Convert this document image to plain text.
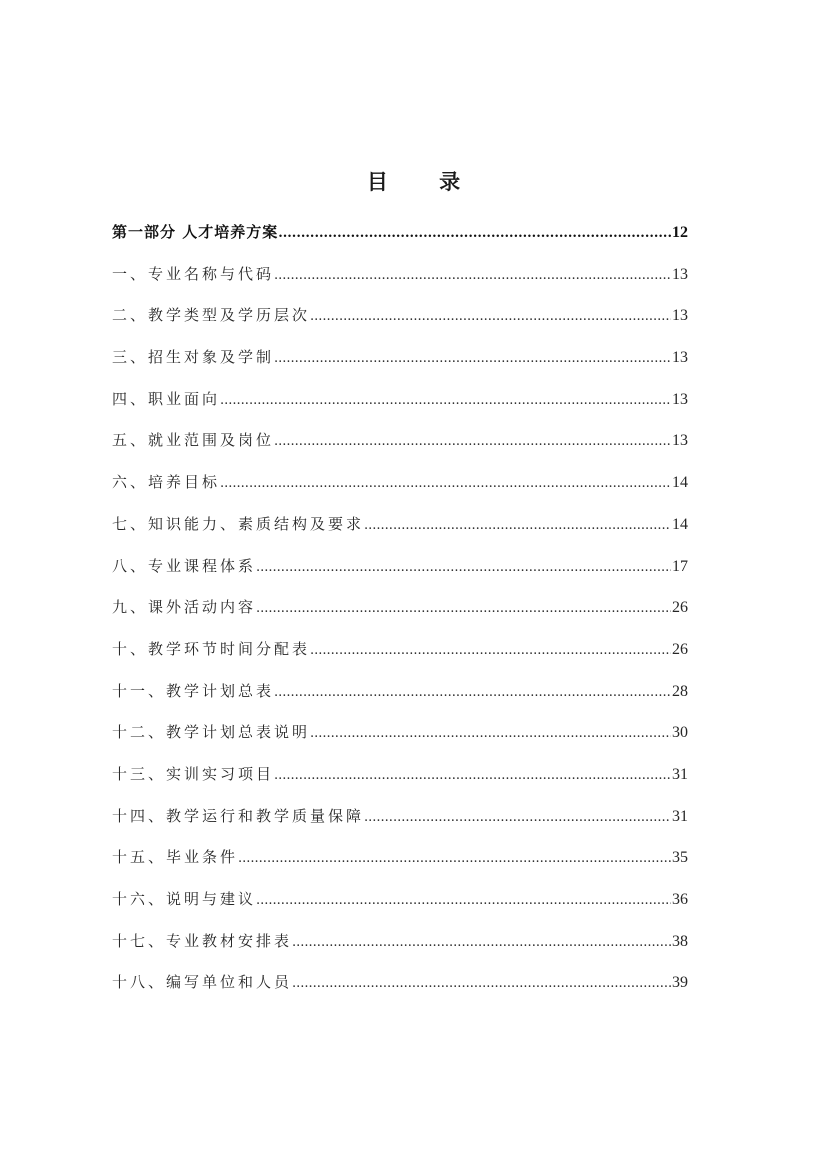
目 录
第一部分 人才培养方案 .....	12
一、专业名称与代码 .....	13
二、教学类型及学历层次 .....	13
三、招生对象及学制 .....	13
四、职业面向 .....	13
五、就业范围及岗位 .....	13
六、培养目标 .....	14
七、知识能力、素质结构及要求 .....	14
八、专业课程体系 .....	17
九、课外活动内容 .....	26
十、教学环节时间分配表 .....	26
十一、教学计划总表 .....	28
十二、教学计划总表说明 .....	30
十三、实训实习项目 .....	31
十四、教学运行和教学质量保障 .....	31
十五、毕业条件 .....	35
十六、说明与建议 .....	36
十七、专业教材安排表 .....	38
十八、编写单位和人员 .....	39
